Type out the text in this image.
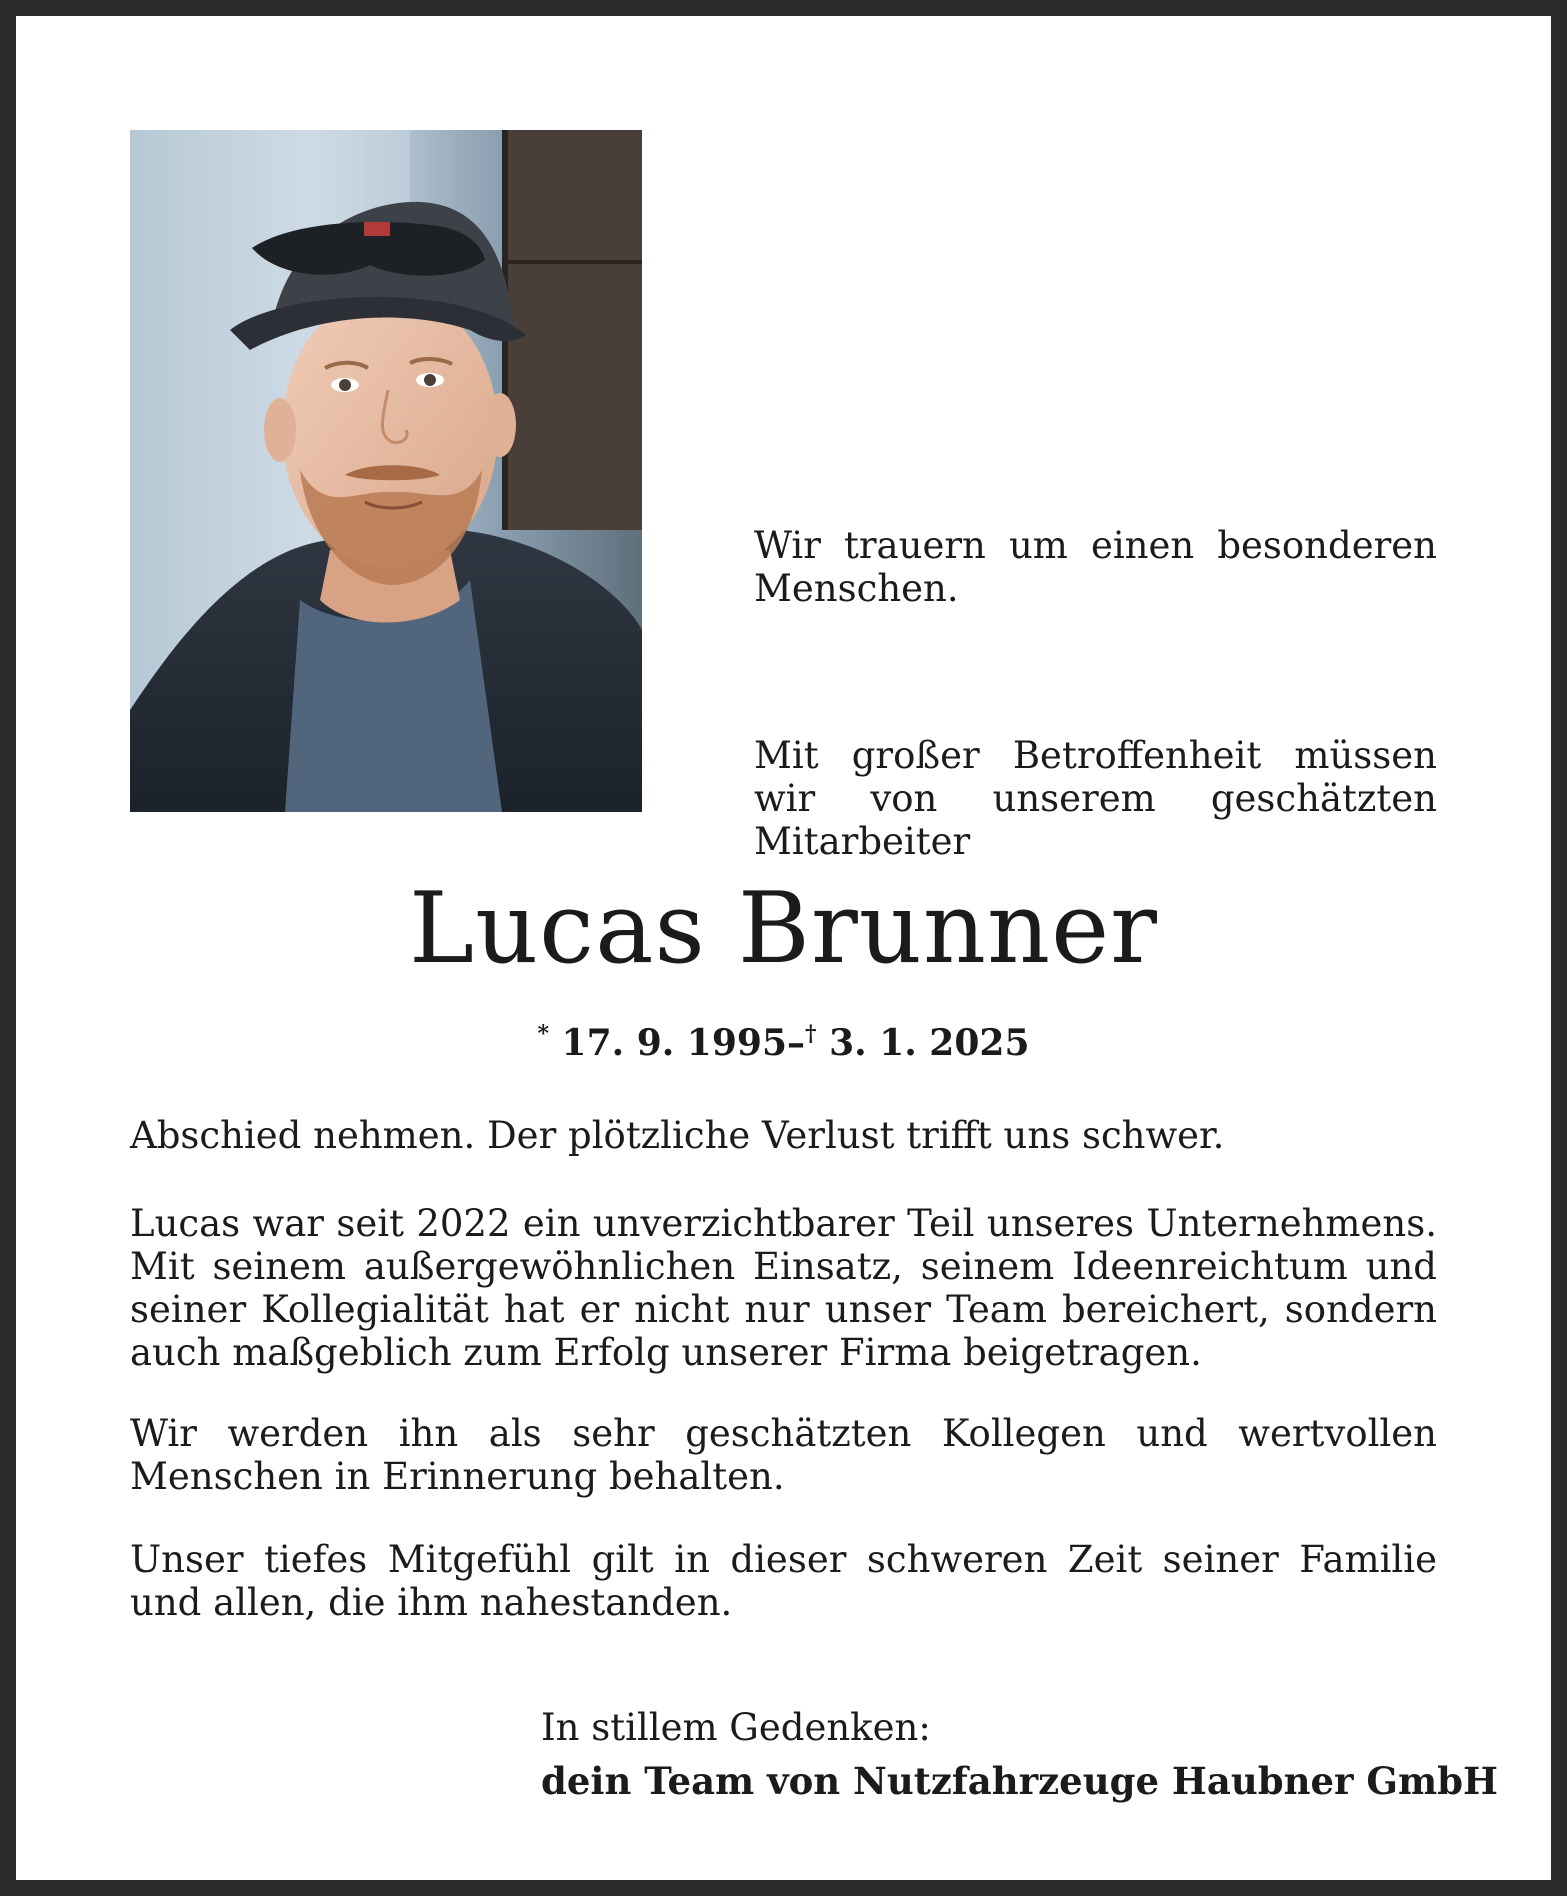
Wir trauern um einen besonderen Menschen.

Mit großer Betroffenheit müssen wir von unserem geschätzten Mitarbeiter

Lucas Brunner
* 17. 9. 1995–† 3. 1. 2025

Abschied nehmen. Der plötzliche Verlust trifft uns schwer.

Lucas war seit 2022 ein unverzichtbarer Teil unseres Unternehmens. Mit seinem außergewöhnlichen Einsatz, seinem Ideenreichtum und seiner Kollegialität hat er nicht nur unser Team bereichert, sondern auch maßgeblich zum Erfolg unserer Firma beigetragen.

Wir werden ihn als sehr geschätzten Kollegen und wertvollen Menschen in Erinnerung behalten.

Unser tiefes Mitgefühl gilt in dieser schweren Zeit seiner Familie und allen, die ihm nahestanden.

In stillem Gedenken:
dein Team von Nutzfahrzeuge Haubner GmbH
